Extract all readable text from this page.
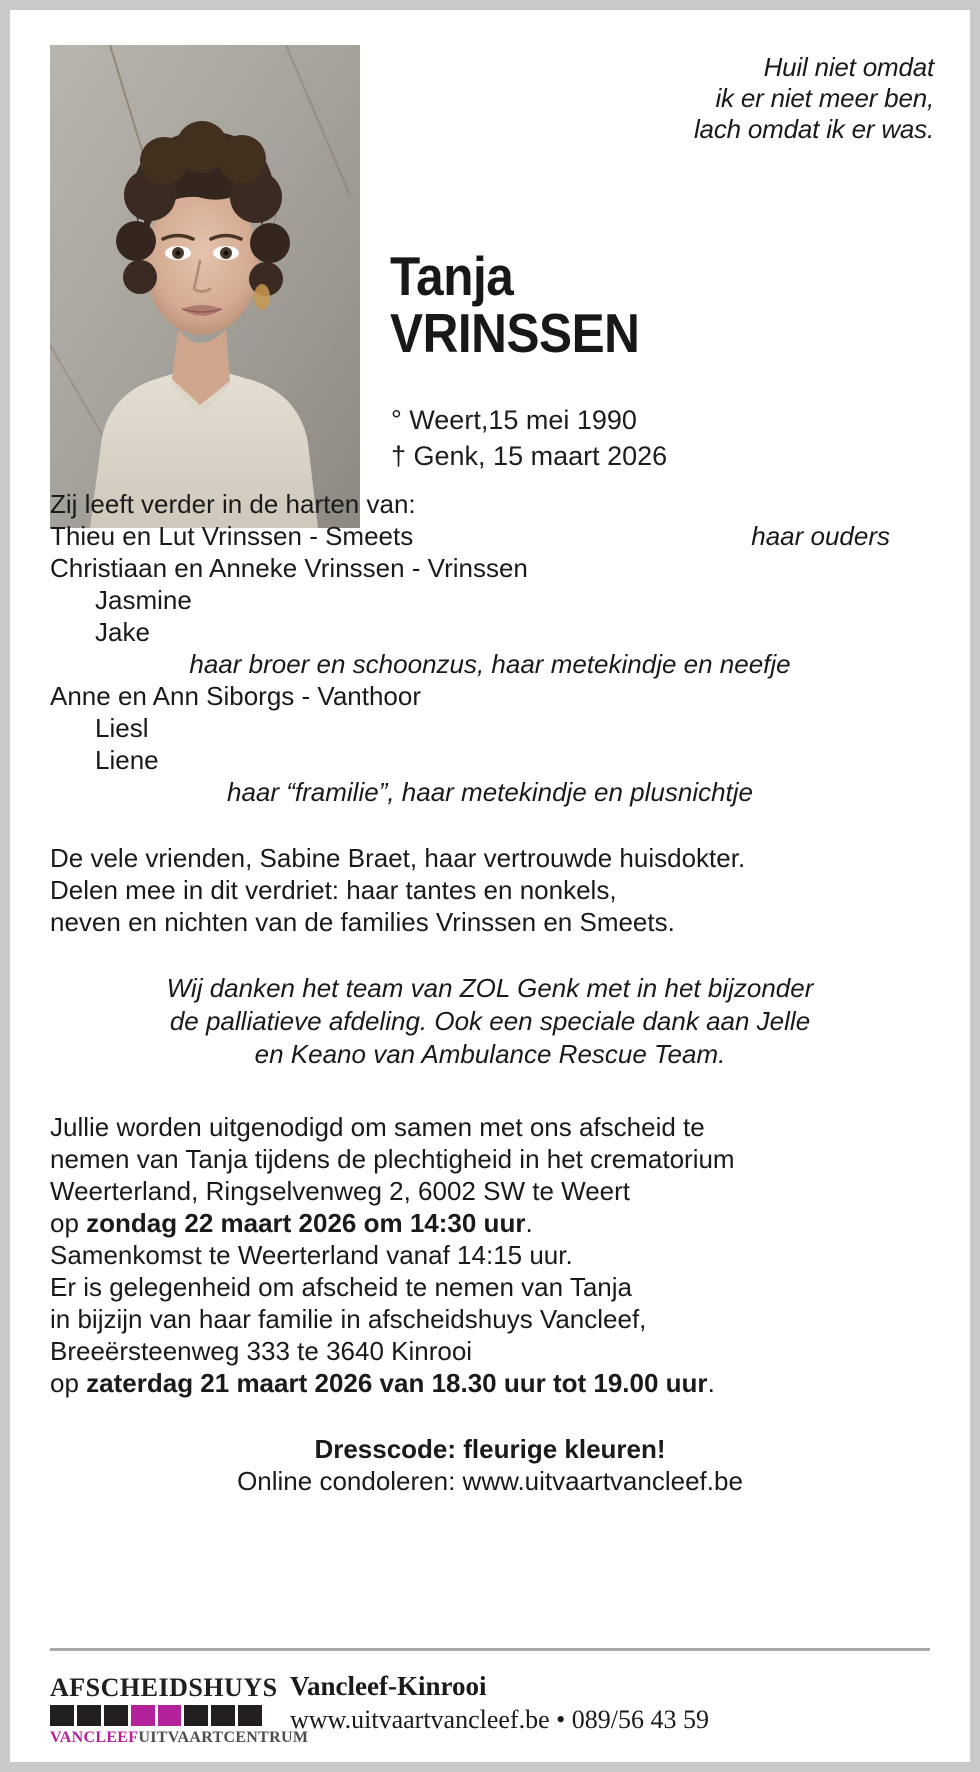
Huil niet omdat
ik er niet meer ben,
lach omdat ik er was.
Tanja
VRINSSEN
° Weert,15 mei 1990
† Genk, 15 maart 2026
Zij leeft verder in de harten van:
Thieu en Lut Vrinssen - Smeets	haar ouders
Christiaan en Anneke Vrinssen - Vrinssen
Jasmine
Jake
haar broer en schoonzus, haar metekindje en neefje
Anne en Ann Siborgs - Vanthoor
Liesl
Liene
haar “framilie”, haar metekindje en plusnichtje
De vele vrienden, Sabine Braet, haar vertrouwde huisdokter.
Delen mee in dit verdriet: haar tantes en nonkels,
neven en nichten van de families Vrinssen en Smeets.
Wij danken het team van ZOL Genk met in het bijzonder
de palliatieve afdeling. Ook een speciale dank aan Jelle
en Keano van Ambulance Rescue Team.
Jullie worden uitgenodigd om samen met ons afscheid te
nemen van Tanja tijdens de plechtigheid in het crematorium
Weerterland, Ringselvenweg 2, 6002 SW te Weert
op zondag 22 maart 2026 om 14:30 uur.
Samenkomst te Weerterland vanaf 14:15 uur.
Er is gelegenheid om afscheid te nemen van Tanja
in bijzijn van haar familie in afscheidshuys Vancleef,
Breeërsteenweg 333 te 3640 Kinrooi
op zaterdag 21 maart 2026 van 18.30 uur tot 19.00 uur.
Dresscode: fleurige kleuren!
Online condoleren: www.uitvaartvancleef.be
AFSCHEIDSHUYS
VANCLEEF UITVAARTCENTRUM
Vancleef-Kinrooi
www.uitvaartvancleef.be • 089/56 43 59
